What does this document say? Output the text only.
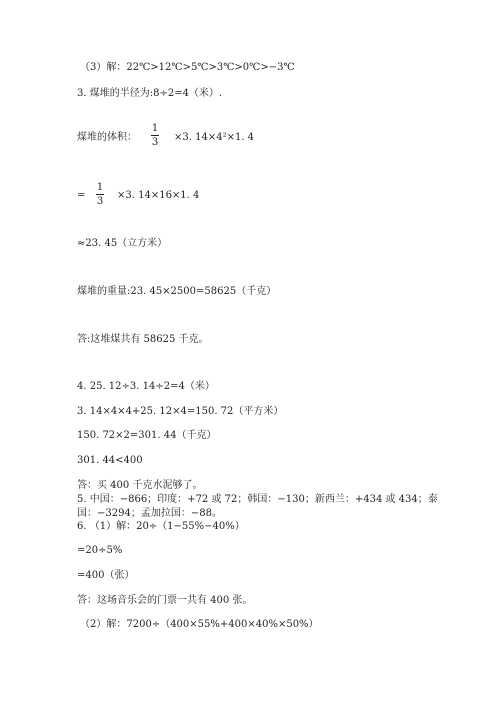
（3）解：22℃>12℃>5℃>3℃>0℃>−3℃
3. 煤堆的半径为:8÷2=4（米）.
煤堆的体积：
1
3 ×3. 14×4²×1. 4
=
1
3
×3. 14×16×1. 4
≈23. 45（立方米）
煤堆的重量:23. 45×2500=58625（千克）
答:这堆煤共有 58625 千克。
4. 25. 12÷3. 14÷2=4（米）
3. 14×4×4+25. 12×4=150. 72（平方米）
150. 72×2=301. 44（千克）
301. 44<400
答：买 400 千克水泥够了。
5. 中国：−866；印度：+72 或 72；韩国：−130；新西兰：+434 或 434；泰
国：−3294；孟加拉国：−88。
6. （1）解：20÷（1−55%−40%）
=20÷5%
=400（张）
答：这场音乐会的门票一共有 400 张。
（2）解：7200÷（400×55%+400×40%×50%）
